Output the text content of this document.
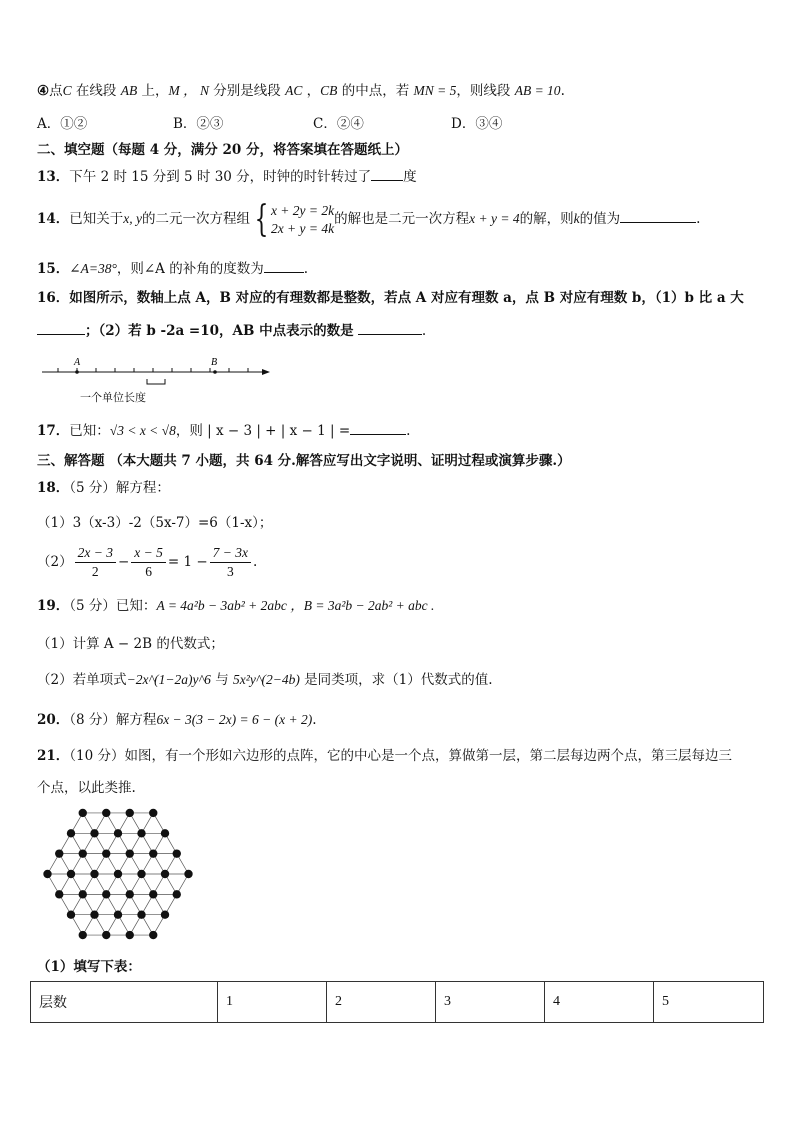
④点C 在线段 AB 上，M ， N 分别是线段 AC ，CB 的中点，若 MN = 5，则线段 AB = 10.
A．①②	B．②③	C．②④	D．③④
二、填空题（每题 4 分，满分 20 分，将答案填在答题纸上）
13．下午 2 时 15 分到 5 时 30 分，时钟的时针转过了 度
14．已知关于x, y的二元一次方程组 { x + 2y = 2k
2x + y = 4k的解也是二元一次方程x + y = 4的解，则k的值为	.
15．∠A=38°，则∠A 的补角的度数为	.
16．如图所示，数轴上点 A，B 对应的有理数都是整数，若点 A 对应有理数 a，点 B 对应有理数 b，（1）b 比 a 大
；（2）若 b -2a =10，AB 中点表示的数是	.
A	B
一个单位长度
17．已知：√3 < x < √8，则 | x − 3 | + | x − 1 | =	.
三、解答题 （本大题共 7 小题，共 64 分.解答应写出文字说明、证明过程或演算步骤.）
18．（5 分）解方程：
（1）3（x-3）-2（5x-7）=6（1-x）；
$(2) \frac{2x - 3}{2} - \frac{x - 5}{6} = 1 - \frac{7 - 3x}{3}$ .
19．（5 分）已知：A = 4a²b − 3ab² + 2abc ，B = 3a²b − 2ab² + abc .
（1）计算 A − 2B 的代数式；
（2）若单项式−2x^(1−2a)y^6 与 5x²y^(2−4b) 是同类项，求（1）代数式的值.
20．（8 分）解方程6x − 3(3 − 2x) = 6 − (x + 2).
21．（10 分）如图，有一个形如六边形的点阵，它的中心是一个点，算做第一层，第二层每边两个点，第三层每边三
个点，以此类推.
（1）填写下表：
层数	1	2	3	4	5
